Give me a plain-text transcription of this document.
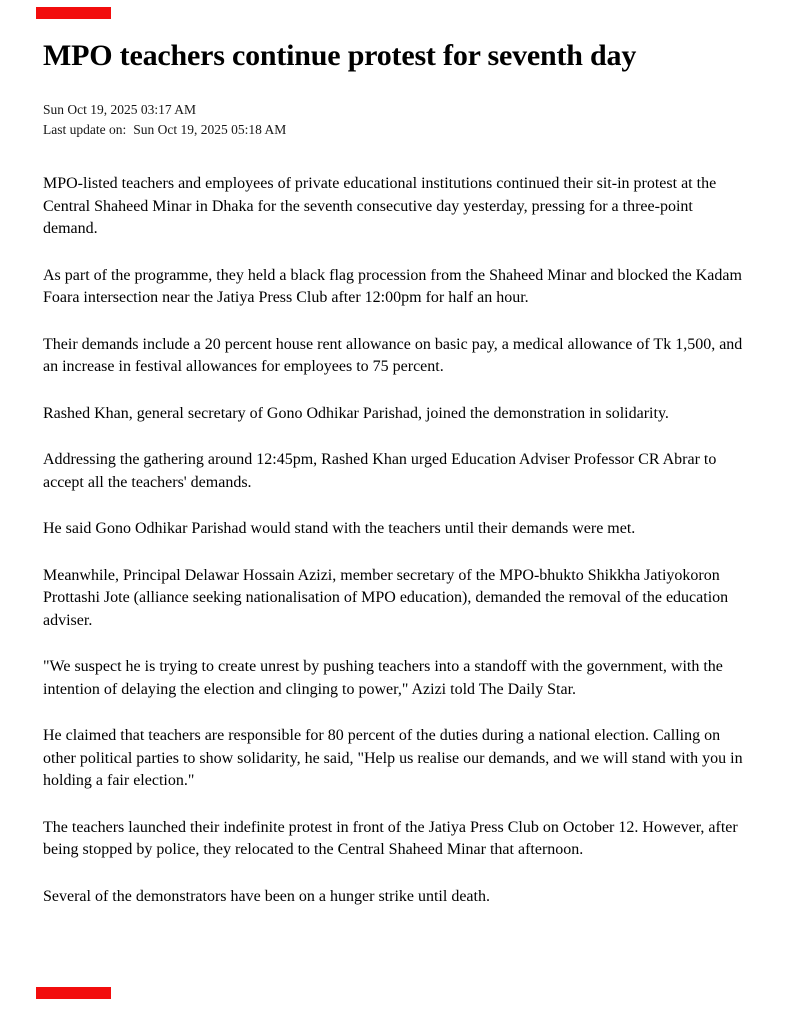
MPO teachers continue protest for seventh day
Sun Oct 19, 2025 03:17 AM
Last update on: Sun Oct 19, 2025 05:18 AM

MPO-listed teachers and employees of private educational institutions continued their sit-in protest at the Central Shaheed Minar in Dhaka for the seventh consecutive day yesterday, pressing for a three-point demand.

As part of the programme, they held a black flag procession from the Shaheed Minar and blocked the Kadam Foara intersection near the Jatiya Press Club after 12:00pm for half an hour.

Their demands include a 20 percent house rent allowance on basic pay, a medical allowance of Tk 1,500, and an increase in festival allowances for employees to 75 percent.

Rashed Khan, general secretary of Gono Odhikar Parishad, joined the demonstration in solidarity.

Addressing the gathering around 12:45pm, Rashed Khan urged Education Adviser Professor CR Abrar to accept all the teachers' demands.

He said Gono Odhikar Parishad would stand with the teachers until their demands were met.

Meanwhile, Principal Delawar Hossain Azizi, member secretary of the MPO-bhukto Shikkha Jatiyokoron Prottashi Jote (alliance seeking nationalisation of MPO education), demanded the removal of the education adviser.

"We suspect he is trying to create unrest by pushing teachers into a standoff with the government, with the intention of delaying the election and clinging to power," Azizi told The Daily Star.

He claimed that teachers are responsible for 80 percent of the duties during a national election. Calling on other political parties to show solidarity, he said, "Help us realise our demands, and we will stand with you in holding a fair election."

The teachers launched their indefinite protest in front of the Jatiya Press Club on October 12. However, after being stopped by police, they relocated to the Central Shaheed Minar that afternoon.

Several of the demonstrators have been on a hunger strike until death.
